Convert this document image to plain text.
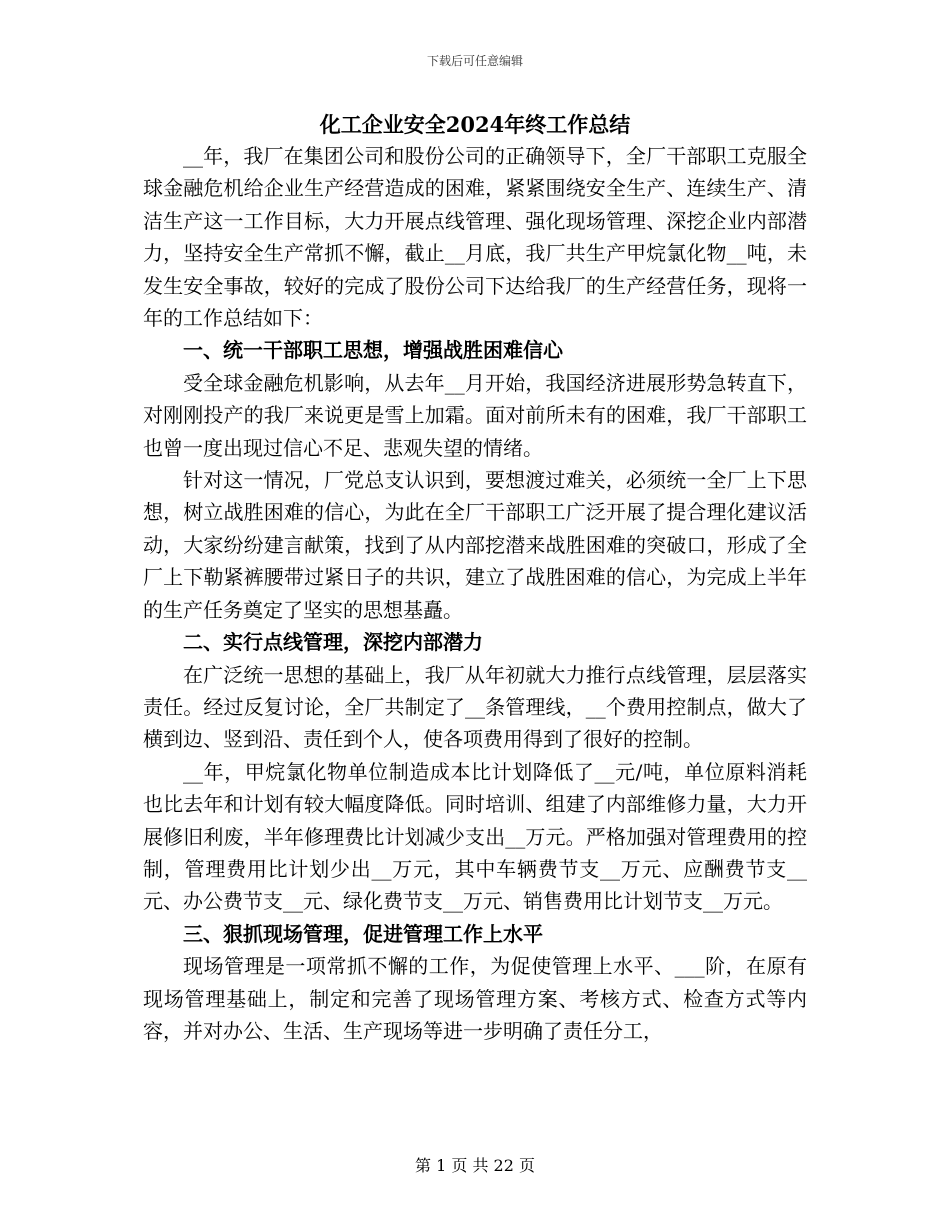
下载后可任意编辑
化工企业安全2024年终工作总结

__年，我厂在集团公司和股份公司的正确领导下，全厂干部职工克服全球金融危机给企业生产经营造成的困难，紧紧围绕安全生产、连续生产、清洁生产这一工作目标，大力开展点线管理、强化现场管理、深挖企业内部潜力，坚持安全生产常抓不懈，截止__月底，我厂共生产甲烷氯化物__吨，未发生安全事故，较好的完成了股份公司下达给我厂的生产经营任务，现将一年的工作总结如下：

一、统一干部职工思想，增强战胜困难信心

受全球金融危机影响，从去年__月开始，我国经济进展形势急转直下，对刚刚投产的我厂来说更是雪上加霜。面对前所未有的困难，我厂干部职工也曾一度出现过信心不足、悲观失望的情绪。

针对这一情况，厂党总支认识到，要想渡过难关，必须统一全厂上下思想，树立战胜困难的信心，为此在全厂干部职工广泛开展了提合理化建议活动，大家纷纷建言献策，找到了从内部挖潜来战胜困难的突破口，形成了全厂上下勒紧裤腰带过紧日子的共识，建立了战胜困难的信心，为完成上半年的生产任务奠定了坚实的思想基矗。

二、实行点线管理，深挖内部潜力

在广泛统一思想的基础上，我厂从年初就大力推行点线管理，层层落实责任。经过反复讨论，全厂共制定了__条管理线，__个费用控制点，做大了横到边、竖到沿、责任到个人，使各项费用得到了很好的控制。

__年，甲烷氯化物单位制造成本比计划降低了__元/吨，单位原料消耗也比去年和计划有较大幅度降低。同时培训、组建了内部维修力量，大力开展修旧利废，半年修理费比计划减少支出__万元。严格加强对管理费用的控制，管理费用比计划少出__万元，其中车辆费节支__万元、应酬费节支__元、办公费节支__元、绿化费节支__万元、销售费用比计划节支__万元。

三、狠抓现场管理，促进管理工作上水平

现场管理是一项常抓不懈的工作，为促使管理上水平、___阶，在原有现场管理基础上，制定和完善了现场管理方案、考核方式、检查方式等内容，并对办公、生活、生产现场等进一步明确了责任分工，

第 1 页 共 22 页
